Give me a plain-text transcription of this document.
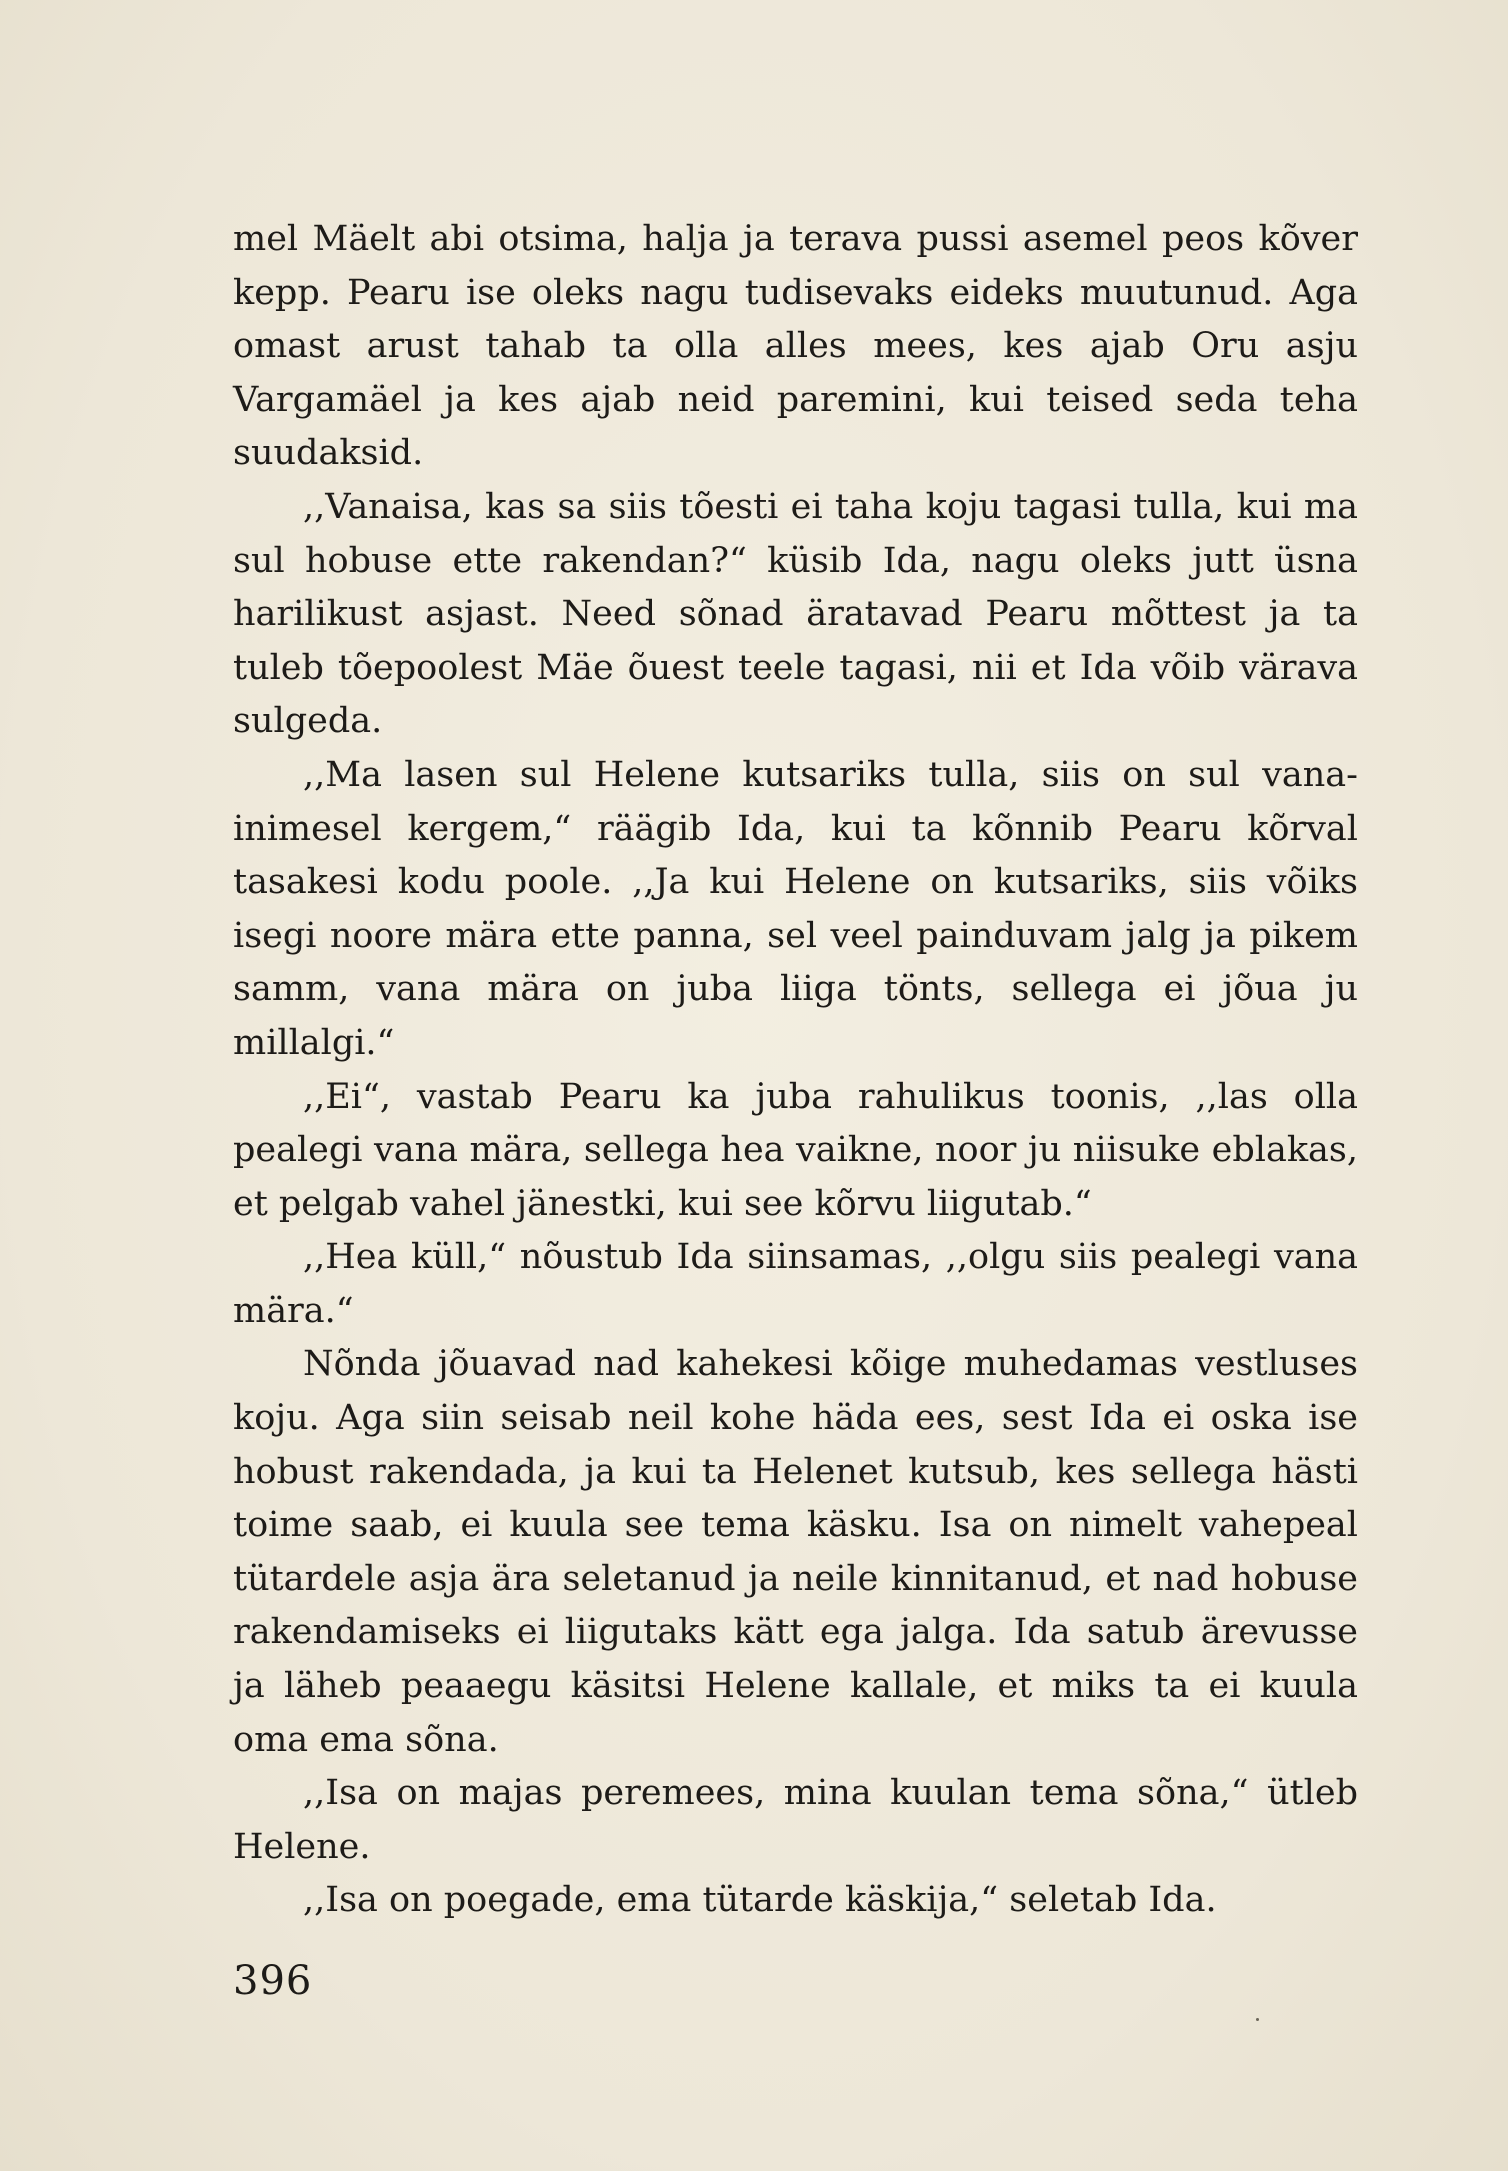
mel Mäelt abi otsima, halja ja terava pussi asemel peos kõver kepp. Pearu ise oleks nagu tudisevaks eideks muutunud. Aga omast arust tahab ta olla alles mees, kes ajab Oru asju Vargamäel ja kes ajab neid paremini, kui teised seda teha suudaksid.

,,Vanaisa, kas sa siis tõesti ei taha koju tagasi tulla, kui ma sul hobuse ette rakendan?“ küsib Ida, nagu oleks jutt üsna harilikust asjast. Need sõnad äratavad Pearu mõttest ja ta tuleb tõepoolest Mäe õuest teele tagasi, nii et Ida võib värava sulgeda.

,,Ma lasen sul Helene kutsariks tulla, siis on sul vanainimesel kergem,“ räägib Ida, kui ta kõnnib Pearu kõrval tasakesi kodu poole. ,,Ja kui Helene on kutsariks, siis võiks isegi noore mära ette panna, sel veel painduvam jalg ja pikem samm, vana mära on juba liiga tönts, sellega ei jõua ju millalgi.“

,,Ei“, vastab Pearu ka juba rahulikus toonis, ,,las olla pealegi vana mära, sellega hea vaikne, noor ju niisuke eblakas, et pelgab vahel jänestki, kui see kõrvu liigutab.“

,,Hea küll,“ nõustub Ida siinsamas, ,,olgu siis pealegi vana mära.“

Nõnda jõuavad nad kahekesi kõige muhedamas vestluses koju. Aga siin seisab neil kohe häda ees, sest Ida ei oska ise hobust rakendada, ja kui ta Helenet kutsub, kes sellega hästi toime saab, ei kuula see tema käsku. Isa on nimelt vahepeal tütardele asja ära seletanud ja neile kinnitanud, et nad hobuse rakendamiseks ei liigutaks kätt ega jalga. Ida satub ärevusse ja läheb peaaegu käsitsi Helene kallale, et miks ta ei kuula oma ema sõna.

,,Isa on majas peremees, mina kuulan tema sõna,“ ütleb Helene.

,,Isa on poegade, ema tütarde käskija,“ seletab Ida.

396
